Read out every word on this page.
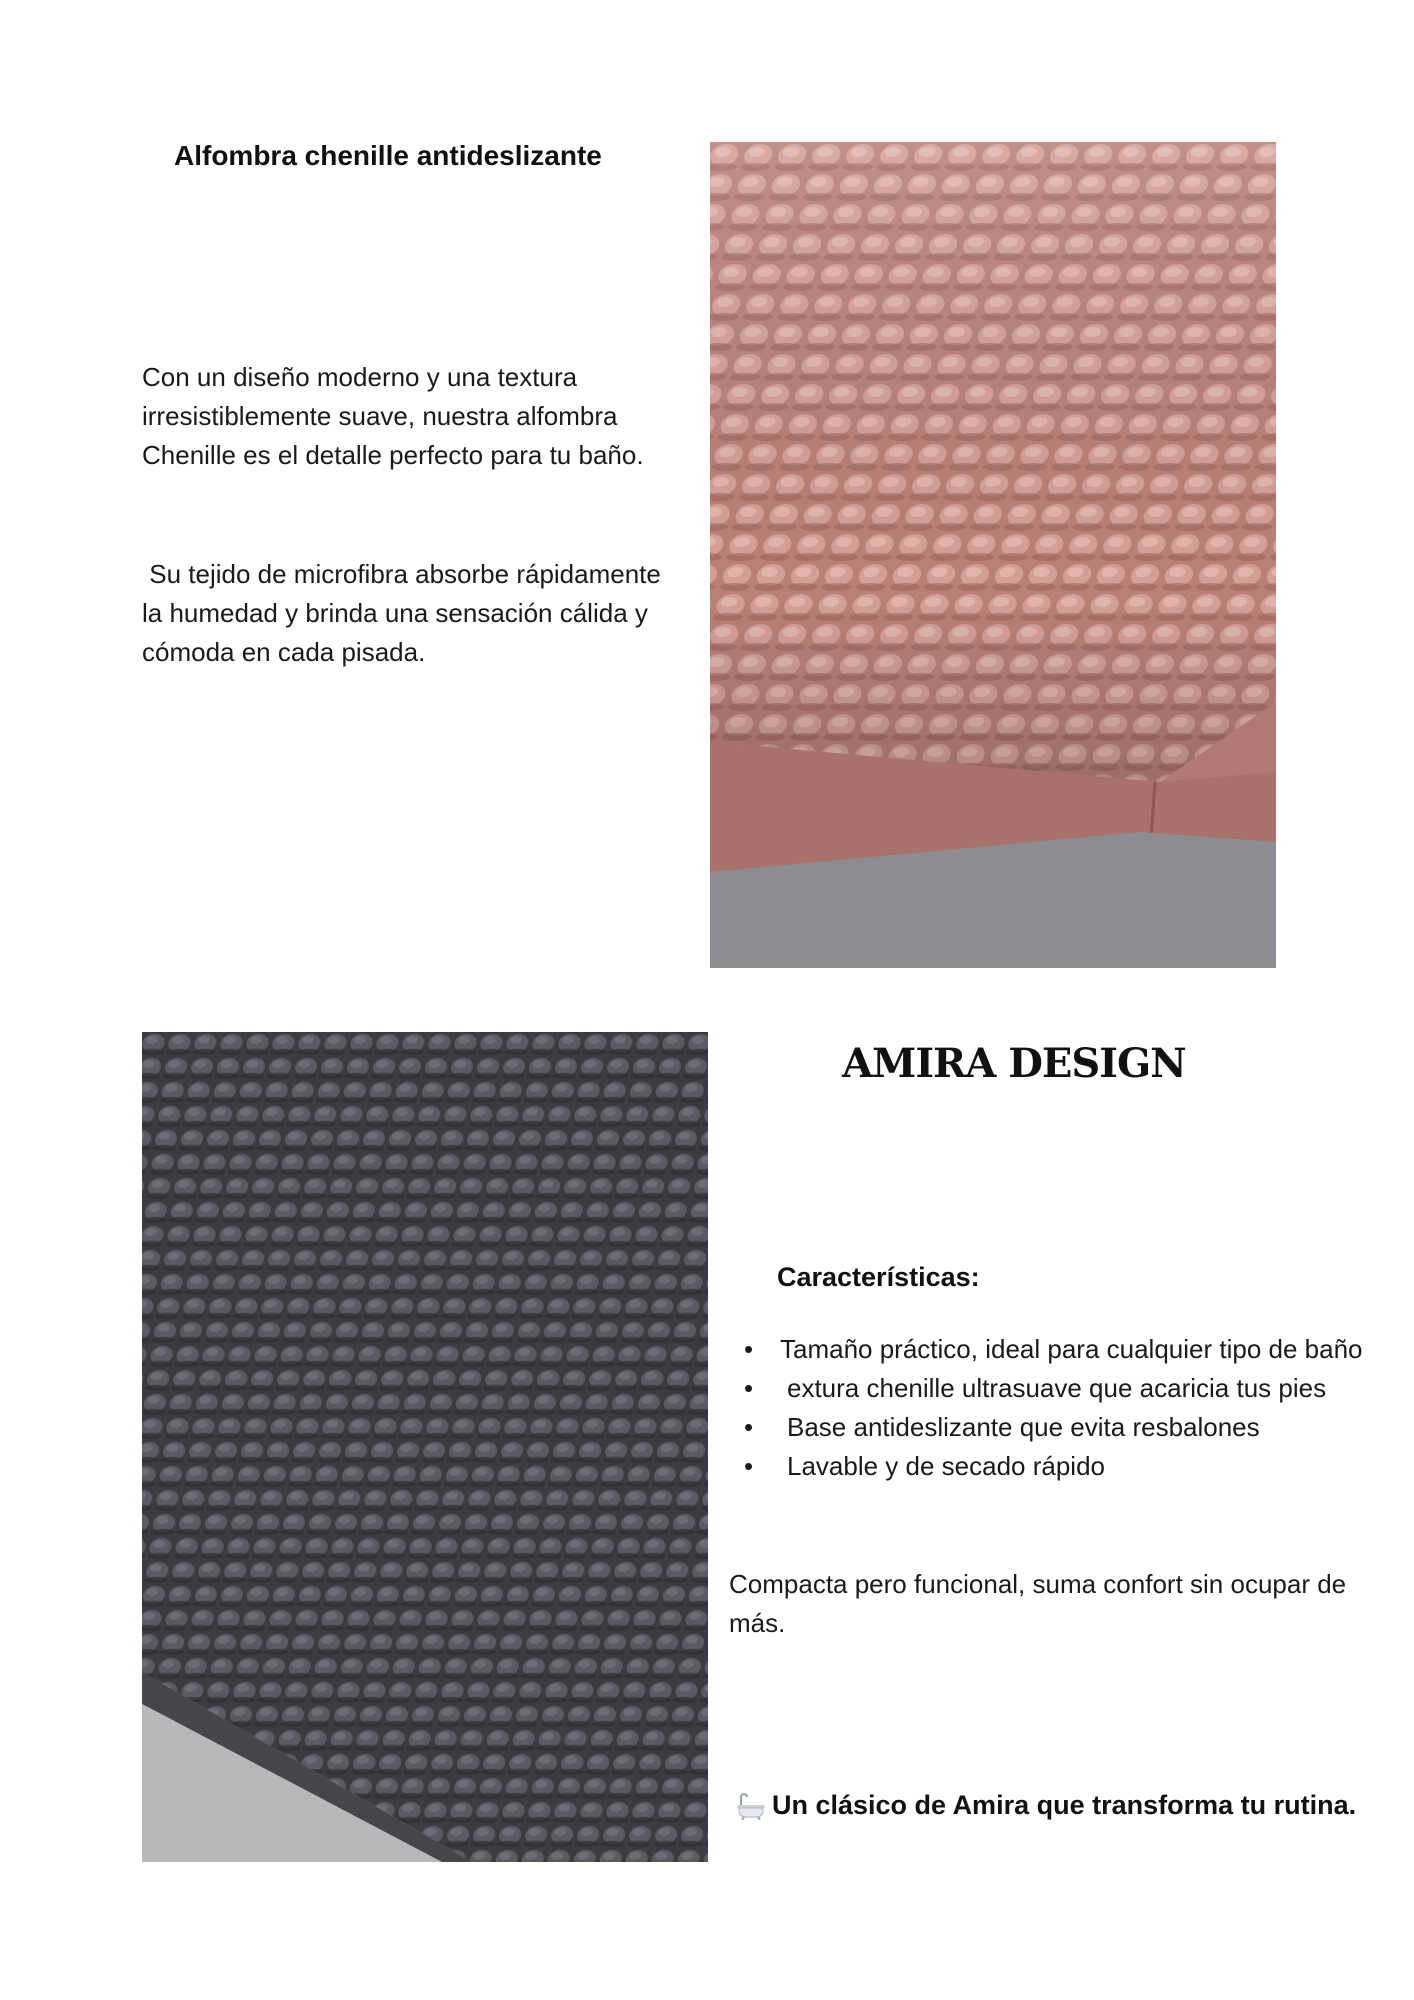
Alfombra chenille antideslizante

Con un diseño moderno y una textura irresistiblemente suave, nuestra alfombra Chenille es el detalle perfecto para tu baño.

Su tejido de microfibra absorbe rápidamente la humedad y brinda una sensación cálida y cómoda en cada pisada.

AMIRA DESIGN
Características:
• Tamaño práctico, ideal para cualquier tipo de baño
• extura chenille ultrasuave que acaricia tus pies
• Base antideslizante que evita resbalones
• Lavable y de secado rápido

Compacta pero funcional, suma confort sin ocupar de más.

Un clásico de Amira que transforma tu rutina.
